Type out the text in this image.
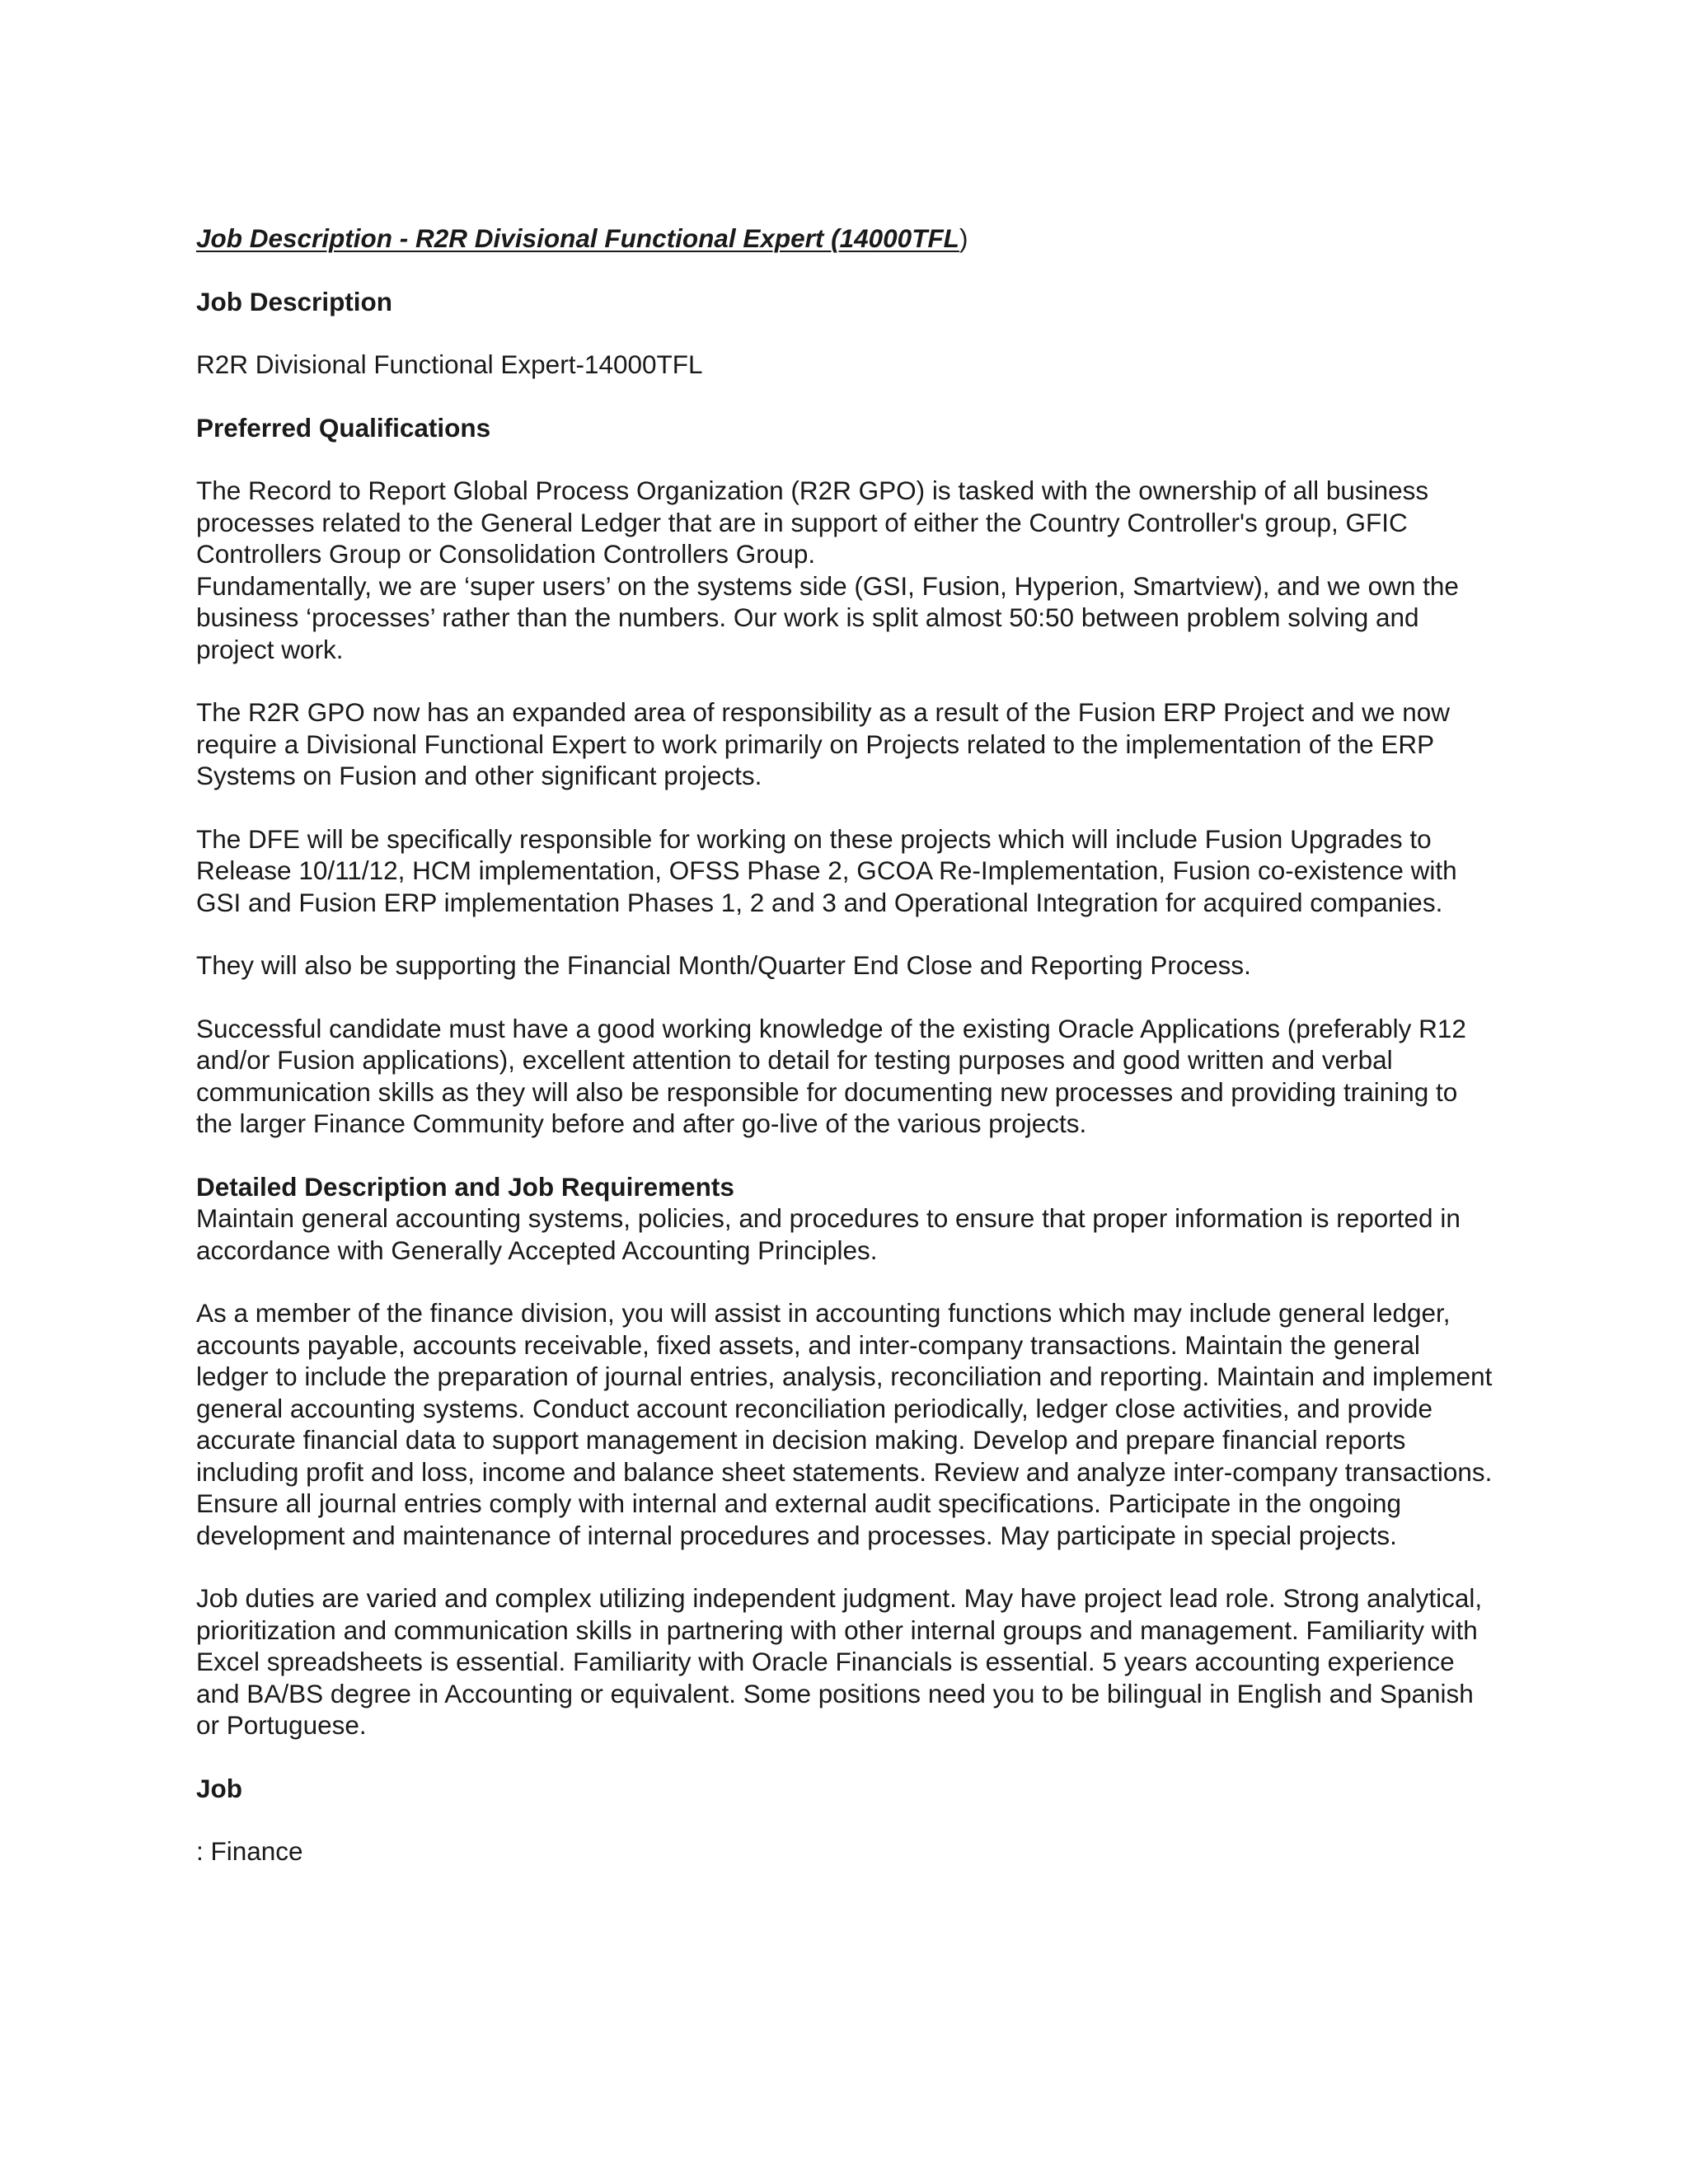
Job Description - R2R Divisional Functional Expert (14000TFL)
Job Description

R2R Divisional Functional Expert-14000TFL

Preferred Qualifications

The Record to Report Global Process Organization (R2R GPO) is tasked with the ownership of all business processes related to the General Ledger that are in support of either the Country Controller's group, GFIC Controllers Group or Consolidation Controllers Group.

Fundamentally, we are ‘super users’ on the systems side (GSI, Fusion, Hyperion, Smartview), and we own the business ‘processes’ rather than the numbers. Our work is split almost 50:50 between problem solving and project work.

The R2R GPO now has an expanded area of responsibility as a result of the Fusion ERP Project and we now require a Divisional Functional Expert to work primarily on Projects related to the implementation of the ERP Systems on Fusion and other significant projects.

The DFE will be specifically responsible for working on these projects which will include Fusion Upgrades to Release 10/11/12, HCM implementation, OFSS Phase 2, GCOA Re-Implementation, Fusion co-existence with GSI and Fusion ERP implementation Phases 1, 2 and 3 and Operational Integration for acquired companies.

They will also be supporting the Financial Month/Quarter End Close and Reporting Process.

Successful candidate must have a good working knowledge of the existing Oracle Applications (preferably R12 and/or Fusion applications), excellent attention to detail for testing purposes and good written and verbal communication skills as they will also be responsible for documenting new processes and providing training to the larger Finance Community before and after go-live of the various projects.

Detailed Description and Job Requirements

Maintain general accounting systems, policies, and procedures to ensure that proper information is reported in accordance with Generally Accepted Accounting Principles.

As a member of the finance division, you will assist in accounting functions which may include general ledger, accounts payable, accounts receivable, fixed assets, and inter-company transactions. Maintain the general ledger to include the preparation of journal entries, analysis, reconciliation and reporting. Maintain and implement general accounting systems. Conduct account reconciliation periodically, ledger close activities, and provide accurate financial data to support management in decision making. Develop and prepare financial reports including profit and loss, income and balance sheet statements. Review and analyze inter-company transactions. Ensure all journal entries comply with internal and external audit specifications. Participate in the ongoing development and maintenance of internal procedures and processes. May participate in special projects.

Job duties are varied and complex utilizing independent judgment. May have project lead role. Strong analytical, prioritization and communication skills in partnering with other internal groups and management. Familiarity with Excel spreadsheets is essential. Familiarity with Oracle Financials is essential. 5 years accounting experience and BA/BS degree in Accounting or equivalent. Some positions need you to be bilingual in English and Spanish or Portuguese.

Job

: Finance
